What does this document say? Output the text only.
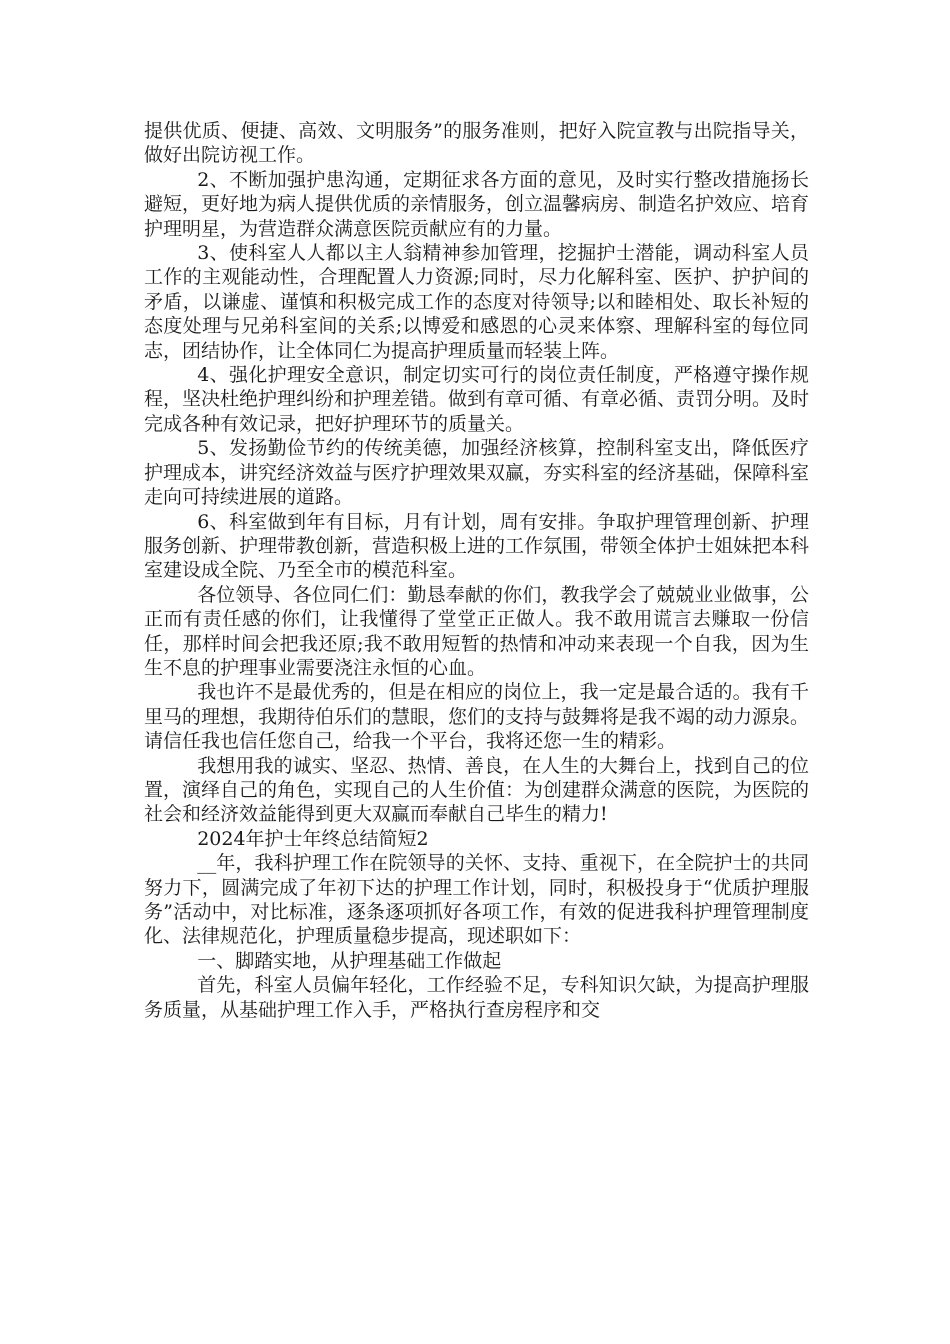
提供优质、便捷、高效、文明服务”的服务准则，把好入院宣教与出院指导关，做好出院访视工作。

2、不断加强护患沟通，定期征求各方面的意见，及时实行整改措施扬长避短，更好地为病人提供优质的亲情服务，创立温馨病房、制造名护效应、培育护理明星，为营造群众满意医院贡献应有的力量。

3、使科室人人都以主人翁精神参加管理，挖掘护士潜能，调动科室人员工作的主观能动性，合理配置人力资源;同时，尽力化解科室、医护、护护间的矛盾，以谦虚、谨慎和积极完成工作的态度对待领导;以和睦相处、取长补短的态度处理与兄弟科室间的关系;以博爱和感恩的心灵来体察、理解科室的每位同志，团结协作，让全体同仁为提高护理质量而轻装上阵。

4、强化护理安全意识，制定切实可行的岗位责任制度，严格遵守操作规程，坚决杜绝护理纠纷和护理差错。做到有章可循、有章必循、责罚分明。及时完成各种有效记录，把好护理环节的质量关。

5、发扬勤俭节约的传统美德，加强经济核算，控制科室支出，降低医疗护理成本，讲究经济效益与医疗护理效果双赢，夯实科室的经济基础，保障科室走向可持续进展的道路。

6、科室做到年有目标，月有计划，周有安排。争取护理管理创新、护理服务创新、护理带教创新，营造积极上进的工作氛围，带领全体护士姐妹把本科室建设成全院、乃至全市的模范科室。

各位领导、各位同仁们：勤恳奉献的你们，教我学会了兢兢业业做事，公正而有责任感的你们，让我懂得了堂堂正正做人。我不敢用谎言去赚取一份信任，那样时间会把我还原;我不敢用短暂的热情和冲动来表现一个自我，因为生生不息的护理事业需要浇注永恒的心血。

我也许不是最优秀的，但是在相应的岗位上，我一定是最合适的。我有千里马的理想，我期待伯乐们的慧眼，您们的支持与鼓舞将是我不竭的动力源泉。请信任我也信任您自己，给我一个平台，我将还您一生的精彩。

我想用我的诚实、坚忍、热情、善良，在人生的大舞台上，找到自己的位置，演绎自己的角色，实现自己的人生价值：为创建群众满意的医院，为医院的社会和经济效益能得到更大双赢而奉献自己毕生的精力!

2024年护士年终总结简短2

__年，我科护理工作在院领导的关怀、支持、重视下，在全院护士的共同努力下，圆满完成了年初下达的护理工作计划，同时，积极投身于“优质护理服务”活动中，对比标准，逐条逐项抓好各项工作，有效的促进我科护理管理制度化、法律规范化，护理质量稳步提高，现述职如下：

一、脚踏实地，从护理基础工作做起

首先，科室人员偏年轻化，工作经验不足，专科知识欠缺，为提高护理服务质量，从基础护理工作入手，严格执行查房程序和交
